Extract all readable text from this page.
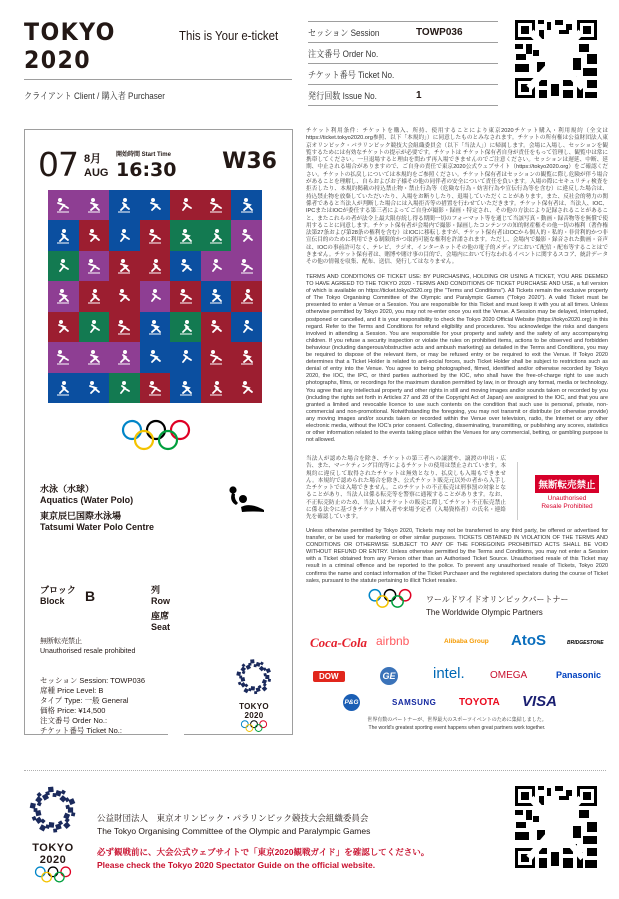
TOKYO 2020
This is Your e-ticket
クライアント Client / 購入者 Purchaser
セッション Session	TOWP036
注文番号 Order No.
チケット番号 Ticket No.
発行回数 Issue No.	1
07 8月
AUG
開始時間 Start Time
16:30 W36
水泳（水球）
Aquatics (Water Polo)
東京辰巳国際水泳場
Tatsumi Water Polo Centre
ブロック
Block	B	列
Row
座席
Seat
無断転売禁止
Unauthorised resale prohibited
セッション Session: TOWP036
席種 Price Level: B
タイプ Type: 一般 General
価格 Price: ¥14,500
注文番号 Order No.:
チケット番号 Ticket No.:
TOKYO 2020
チケット利用条件：チケットを購入、所持、使用することにより東京2020チケット購入・利用規約（全文は https://ticket.tokyo2020.org参照、以下「本規約」）に同意したものとみなされます。チケットの所有権は公益財団法人東京オリンピック・パラリンピック競技大会組織委員会（以下「当法人」）に帰属します。会場に入場し、セッションを観覧するためには有効なチケットの提示が必要です。チケットは チケット保有者自身が責任をもって管理し、観覧中は常に携帯してください。一旦退場すると理由を問わず再入場できませんのでご注意ください。セッションは遅延、中断、延期、中止される場合がありますので、ご自身の責任で東京2020公式ウェブサイト（https://tokyo2020.org）をご確認ください。チケットの払戻しについては本規約をご参照ください。チケット保有者はセッションの観覧に際し危険が伴う場合があることを理解し、自らおよびお子様その他の同伴者の安全について責任を負います。入場の際にセキュリティ検査を拒否したり、本規約掲載の持込禁止物・禁止行為等（危険な行為・妨害行為や宣伝行為等を含む）に違反した場合は、持込禁止物を放棄していただいたり、入場をお断りしたり、退場していただくことがあります。また、反社会的勢力の関係者であると当法人が判断した場合には入場拒否等の措置を行わせていただきます。チケット保有者は、当法人、IOC、IPCまたはIOCが委任する第三者によってご自身が撮影・録画・特定され、その他の方法により記録されることがあること、またこれらの者が法令上最大限存続し得る期間一切のフォーマット等を通じて当該写真・動画・録音物等を無償で使用することに同意します。チケット保有者が会場内で撮影・録画したコンテンツの知的財産権その他一切の権利（著作権法第27条および第28条の権利を含む）はIOCに移転しますが、チケット保有者はIOCから個人的・私的・非営利的かつ非宣伝目的のために利用できる制限的かつ取消可能な権利を許諾されます。ただし、会場内で撮影・録音された動画・音声は、IOCの事前許可なく、テレビ、ラジオ、インターネットその他の電子的メディアにおいて配信・配布等することはできません。チケット保有者は、賭博や賭け事の目的で、会場内において行なわれるイベントに関するスコア、統計データその他の情報を収集、配布、送信、発行してはなりません。
TERMS AND CONDITIONS OF TICKET USE: BY PURCHASING, HOLDING OR USING A TICKET, YOU ARE DEEMED TO HAVE AGREED TO THE TOKYO 2020 - TERMS AND CONDITIONS OF TICKET PURCHASE AND USE, a full version of which is available on https://ticket.tokyo2020.org (the "Terms and Conditions"). All Tickets remain the exclusive property of The Tokyo Organising Committee of the Olympic and Paralympic Games ("Tokyo 2020"). A valid Ticket must be presented to enter a Venue or a Session. You are responsible for this Ticket and must keep it with you at all times. Unless otherwise permitted by Tokyo 2020, you may not re-enter once you exit the Venue. A Session may be delayed, interrupted, postponed or cancelled, and it is your responsibility to check the Tokyo 2020 Official Website (https://tokyo2020.org) in this regard. Refer to the Terms and Conditions for refund eligibility and procedures. You acknowledge the risks and dangers involved in attending a Session. You are responsible for your property and safety and the safety of any accompanying children. If you refuse a security inspection or violate the rules on prohibited items, actions to be observed and forbidden behaviour (including dangerous/obstructive acts and ambush marketing) as detailed in the Terms and Conditions, you may be required to dispose of the relevant item, or may be refused entry or be required to exit the Venue. If Tokyo 2020 determines that a Ticket Holder is related to anti-social forces, such Ticket Holder shall be subject to restrictions such as denial of entry into the Venue. You agree to being photographed, filmed, identified and/or otherwise recorded by Tokyo 2020, the IOC, the IPC, or third parties authorised by the IOC, who shall have the free-of-charge right to use such photographs, films, or recordings for the maximum duration permitted by law, in or through any format, media or technology. You agree that any intellectual property and other rights in still and moving images and/or sounds taken or recorded by you (including the rights set forth in Articles 27 and 28 of the Copyright Act of Japan) are assigned to the IOC, and that you are granted a limited and revocable licence to use such contents on the condition that such use is personal, private, non-commercial and non-promotional. Notwithstanding the foregoing, you may not transmit or distribute (or otherwise provide) any moving images and/or sounds taken or recorded within the Venue over television, radio, the Internet or any other electronic media, without the IOC's prior consent. Collecting, disseminating, transmitting, or publishing any scores, statistics or other information related to the events taking place within the Venues for any commercial, betting, or gambling purpose is not allowed.
当法人が認めた場合を除き、チケットの第三者への譲渡や、譲渡の申出・広告、また、マーケティング目的等によるチケットの使用は禁止されています。本規約に違反して取得されたチケットは無効となり、払戻しも入場もできません。本規約で認められた場合を除き、公式チケット販売元以外の者から入手したチケットでは入場できません。このチケットの不正転売は刑事罰の対象となることがあり、当法人は係る転売等を警察に通報することがあります。なお、不正転売防止のため、当法人はチケットの販売に際してチケット不正転売禁止に係る法令に基づきチケット購入者や来場予定者（入場資格者）の氏名・連絡先を確認しています。
無断転売禁止
Unauthorised
Resale Prohibited
Unless otherwise permitted by Tokyo 2020, Tickets may not be transferred to any third party, be offered or advertised for transfer, or be used for marketing or other similar purposes. TICKETS OBTAINED IN VIOLATION OF THE TERMS AND CONDITIONS OR OTHERWISE SUBJECT TO ANY OF THE FOREGOING PROHIBITED ACTS SHALL BE VOID WITHOUT REFUND OR ENTRY. Unless otherwise permitted by the Terms and Conditions, you may not enter a Session with a Ticket obtained from any Person other than an Authorised Ticket Source. Unauthorised resale of this Ticket may result in a criminal offence and be reported to the police. To prevent any unauthorised resale of Tickets, Tokyo 2020 confirms the name and contact information of the Ticket Purchaser and the registered spectators during the course of Ticket sales, pursuant to the statute pertaining to illicit Ticket resales.
ワールドワイドオリンピックパートナー
The Worldwide Olympic Partners
Coca-Cola airbnb	Alibaba Group AtoS	BRIDGESTONE
DOW	GE	intel.	OMEGA	Panasonic
P&G	SAMSUNG TOYOTA VISA
世界有数のパートナーが、世界最大のスポーツイベントのために集結しました。
The world's greatest sporting event happens when great partners work together.
TOKYO 2020
公益財団法人　東京オリンピック・パラリンピック競技大会組織委員会
The Tokyo Organising Committee of the Olympic and Paralympic Games
必ず観戦前に、大会公式ウェブサイトで「東京2020観戦ガイド」を確認してください。
Please check the Tokyo 2020 Spectator Guide on the official website.
